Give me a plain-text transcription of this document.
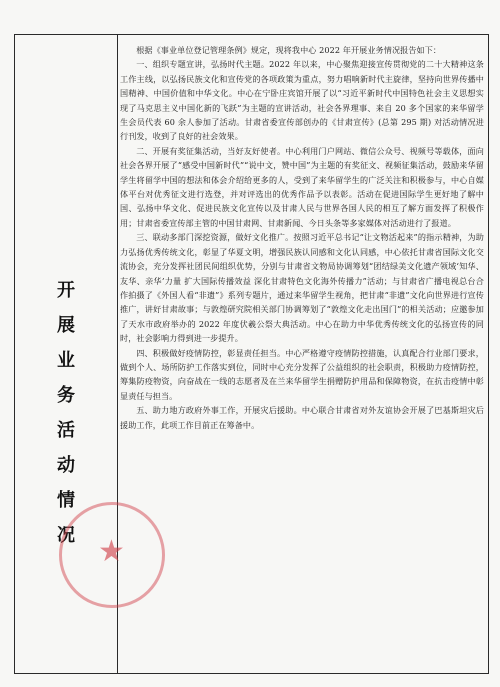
开
展
业
务
活
动
情
况 ★

根据《事业单位登记管理条例》规定，现将我中心 2022 年开展业务情况报告如下：

一、组织专题宣讲，弘扬时代主题。2022 年以来，中心聚焦迎接宣传贯彻党的二十大精神这条工作主线，以弘扬民族文化和宣传党的各项政策为重点，努力唱响新时代主旋律，坚持向世界传播中国精神、中国价值和中华文化。中心在宁卧庄宾馆开展了以“习近平新时代中国特色社会主义思想实现了马克思主义中国化新的飞跃”为主题的宣讲活动，社会各界理事、来自 20 多个国家的来华留学生会员代表 60 余人参加了活动。甘肃省委宣传部创办的《甘肃宣传》(总第 295 期) 对活动情况进行刊发，收到了良好的社会效果。

二、开展有奖征集活动，当好友好使者。中心利用门户网站、微信公众号、视频号等载体，面向社会各界开展了“感受中国新时代”“说中文，赞中国”为主题的有奖征文、视频征集活动，鼓励来华留学生将留学中国的想法和体会介绍给更多的人，受到了来华留学生的广泛关注和积极参与，中心自媒体平台对优秀征文进行选登，并对评选出的优秀作品予以表彰。活动在促进国际学生更好地了解中国、弘扬中华文化、促进民族文化宣传以及甘肃人民与世界各国人民的相互了解方面发挥了积极作用；甘肃省委宣传部主管的中国甘肃网、甘肃新闻、今日头条等多家媒体对活动进行了报道。

三、联动多部门深挖资源，做好文化推广。按照习近平总书记“让文物活起来”的指示精神，为助力弘扬优秀传统文化，彰显了华夏文明，增强民族认同感和文化认同感，中心依托甘肃省国际文化交流协会，充分发挥社团民间组织优势，分别与甘肃省文物局协调筹划“团结绿美文化遗产领域‘知华、友华、亲华’力量 扩大国际传播效益 深化甘肃特色文化海外传播力”活动；与甘肃省广播电视总台合作拍摄了《外国人看“非遗”》系列专题片，通过来华留学生视角，把甘肃“非遗”文化向世界进行宣传推广，讲好甘肃故事；与敦煌研究院相关部门协调筹划了“敦煌文化走出国门”的相关活动；应邀参加了天水市政府举办的 2022 年度伏羲公祭大典活动。中心在助力中华优秀传统文化的弘扬宣传的同时，社会影响力得到进一步提升。

四、积极做好疫情防控，彰显责任担当。中心严格遵守疫情防控措施，认真配合行业部门要求，做到个人、场所防护工作落实到位，同时中心充分发挥了公益组织的社会职责，积极助力疫情防控，筹集防疫物资，向奋战在一线的志愿者及在兰来华留学生捐赠防护用品和保障物资，在抗击疫情中彰显责任与担当。

五、助力地方政府外事工作，开展灾后援助。中心联合甘肃省对外友谊协会开展了巴基斯坦灾后援助工作，此项工作目前正在筹备中。
